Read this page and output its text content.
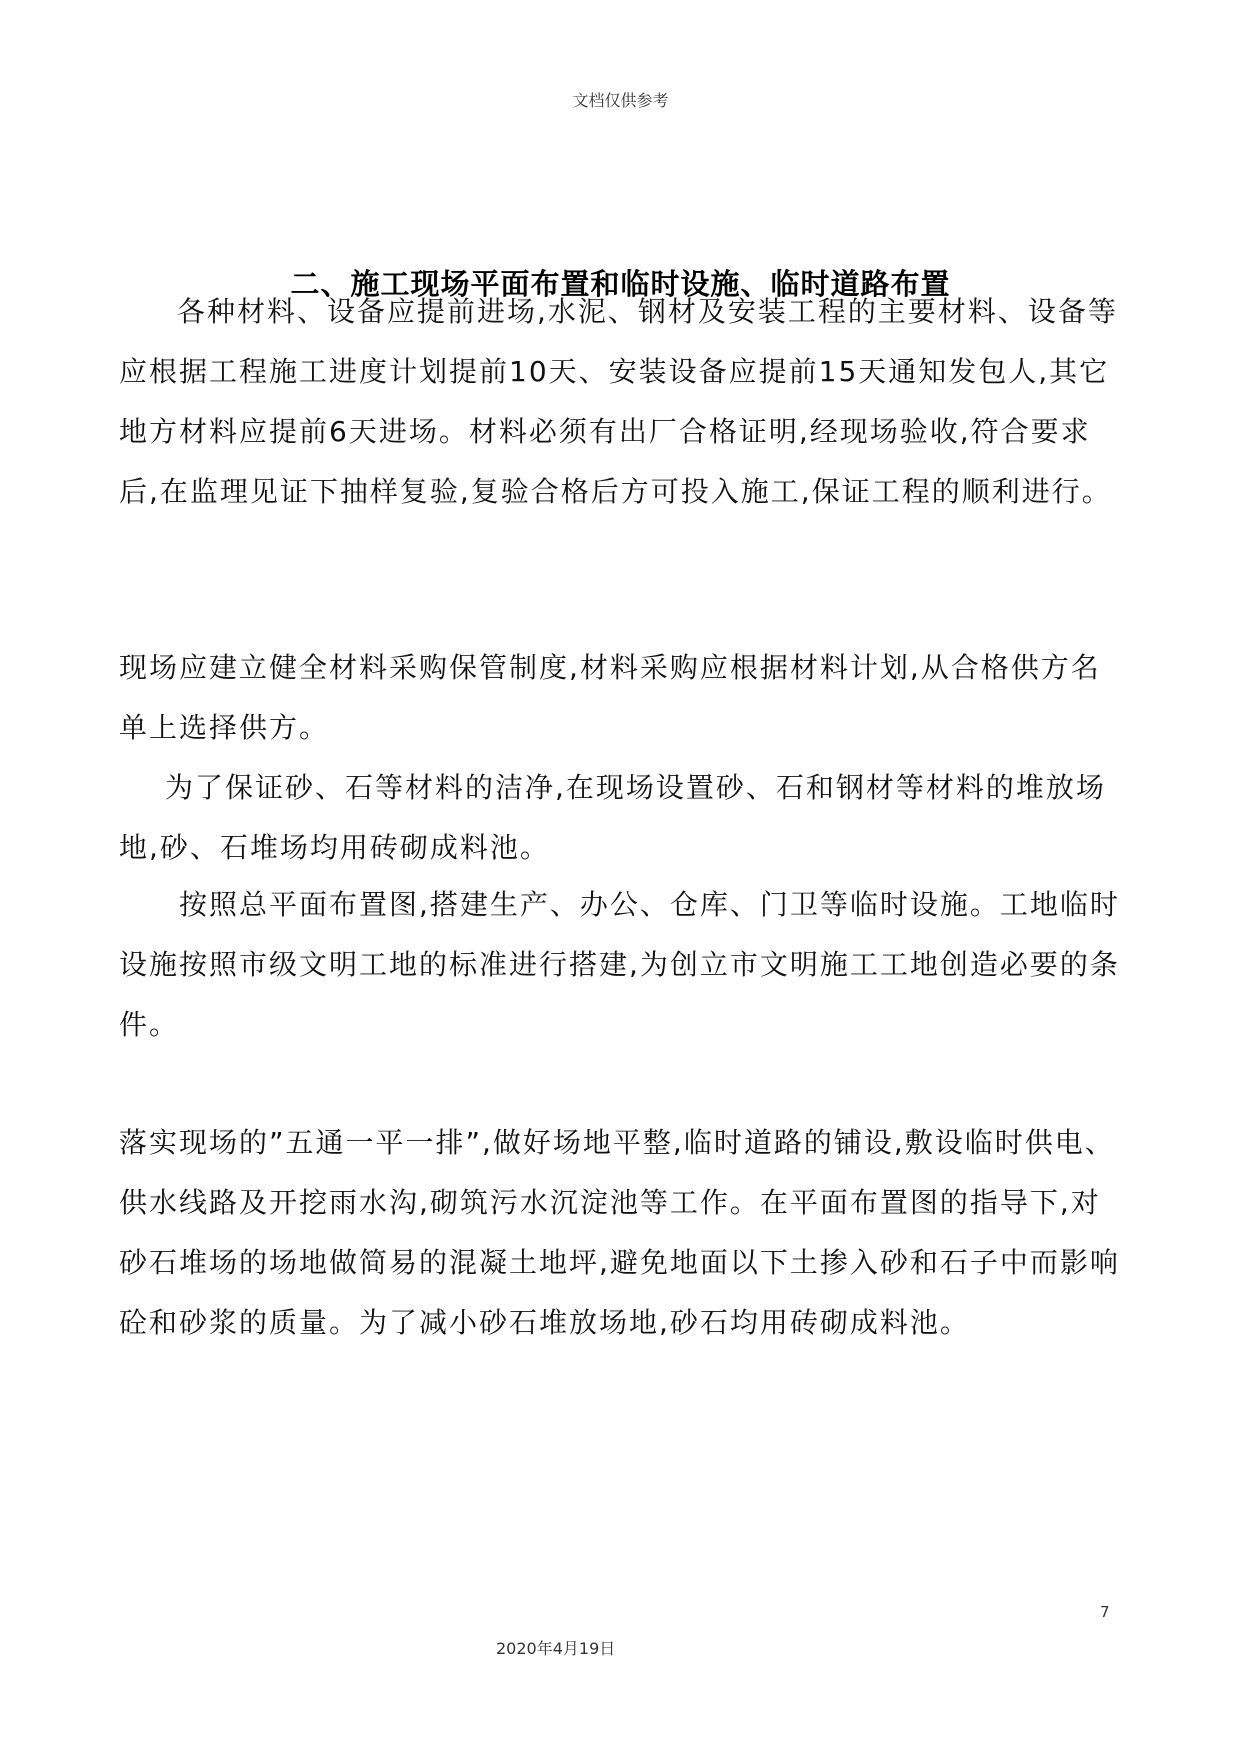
文档仅供参考
二、施工现场平面布置和临时设施、临时道路布置

各种材料、设备应提前进场,水泥、钢材及安装工程的主要材料、设备等应根据工程施工进度计划提前10天、安装设备应提前15天通知发包人,其它地方材料应提前6天进场。材料必须有出厂合格证明,经现场验收,符合要求后,在监理见证下抽样复验,复验合格后方可投入施工,保证工程的顺利进行。

现场应建立健全材料采购保管制度,材料采购应根据材料计划,从合格供方名单上选择供方。

为了保证砂、石等材料的洁净,在现场设置砂、石和钢材等材料的堆放场地,砂、石堆场均用砖砌成料池。

按照总平面布置图,搭建生产、办公、仓库、门卫等临时设施。工地临时设施按照市级文明工地的标准进行搭建,为创立市文明施工工地创造必要的条件。

落实现场的”五通一平一排”,做好场地平整,临时道路的铺设,敷设临时供电、供水线路及开挖雨水沟,砌筑污水沉淀池等工作。在平面布置图的指导下,对砂石堆场的场地做简易的混凝土地坪,避免地面以下土掺入砂和石子中而影响砼和砂浆的质量。为了减小砂石堆放场地,砂石均用砖砌成料池。

7
2020年4月19日
